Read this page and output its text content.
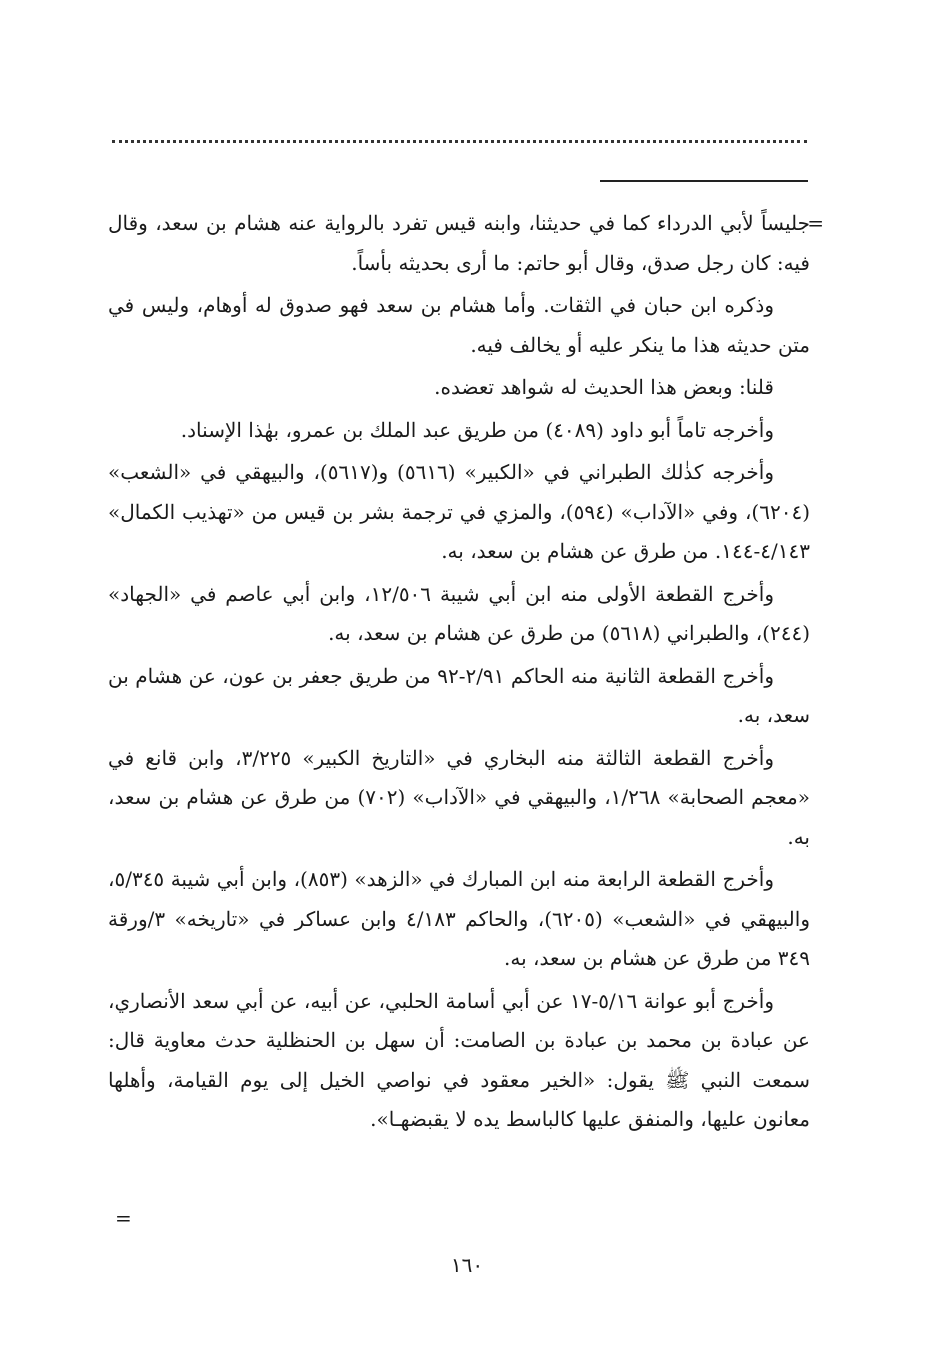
=
جليساً لأبي الدرداء كما في حديثنا، وابنه قيس تفرد بالرواية عنه هشام بن سعد، وقال فيه: كان رجل صدق، وقال أبو حاتم: ما أرى بحديثه بأساً.

وذكره ابن حبان في الثقات. وأما هشام بن سعد فهو صدوق له أوهام، وليس في متن حديثه هذا ما ينكر عليه أو يخالف فيه.

قلنا: وبعض هذا الحديث له شواهد تعضده.

وأخرجه تاماً أبو داود (٤٠٨٩) من طريق عبد الملك بن عمرو، بهٰذا الإسناد.

وأخرجه كذٰلك الطبراني في «الكبير» (٥٦١٦) و(٥٦١٧)، والبيهقي في «الشعب» (٦٢٠٤)، وفي «الآداب» (٥٩٤)، والمزي في ترجمة بشر بن قيس من «تهذيب الكمال» ٤/١٤٣-١٤٤. من طرق عن هشام بن سعد، به.

وأخرج القطعة الأولى منه ابن أبي شيبة ١٢/٥٠٦، وابن أبي عاصم في «الجهاد» (٢٤٤)، والطبراني (٥٦١٨) من طرق عن هشام بن سعد، به.

وأخرج القطعة الثانية منه الحاكم ٢/٩١-٩٢ من طريق جعفر بن عون، عن هشام بن سعد، به.

وأخرج القطعة الثالثة منه البخاري في «التاريخ الكبير» ٣/٢٢٥، وابن قانع في «معجم الصحابة» ١/٢٦٨، والبيهقي في «الآداب» (٧٠٢) من طرق عن هشام بن سعد، به.

وأخرج القطعة الرابعة منه ابن المبارك في «الزهد» (٨٥٣)، وابن أبي شيبة ٥/٣٤٥، والبيهقي في «الشعب» (٦٢٠٥)، والحاكم ٤/١٨٣ وابن عساكر في «تاريخه» ٣/ورقة ٣٤٩ من طرق عن هشام بن سعد، به.

وأخرج أبو عوانة ٥/١٦-١٧ عن أبي أسامة الحلبي، عن أبيه، عن أبي سعد الأنصاري، عن عبادة بن محمد بن عبادة بن الصامت: أن سهل بن الحنظلية حدث معاوية قال: سمعت النبي ﷺ يقول: «الخير معقود في نواصي الخيل إلى يوم القيامة، وأهلها معانون عليها، والمنفق عليها كالباسط يده لا يقبضهـا».

=
١٦٠
